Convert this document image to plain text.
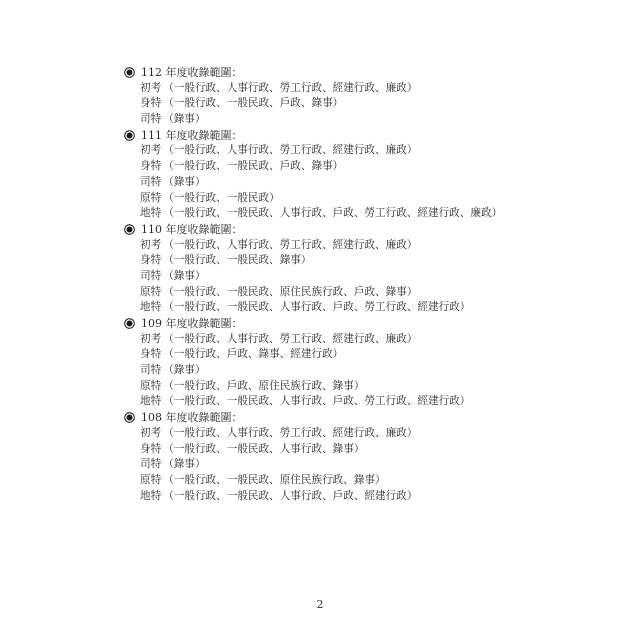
112 年度收錄範圍：
初考 （一般行政、人事行政、勞工行政、經建行政、廉政）
身特 （一般行政、一般民政、戶政、錄事）
司特 （錄事）
111 年度收錄範圍：
初考 （一般行政、人事行政、勞工行政、經建行政、廉政）
身特 （一般行政、一般民政、戶政、錄事）
司特 （錄事）
原特 （一般行政、一般民政）
地特 （一般行政、一般民政、人事行政、戶政、勞工行政、經建行政、廉政）
110 年度收錄範圍：
初考 （一般行政、人事行政、勞工行政、經建行政、廉政）
身特 （一般行政、一般民政、錄事）
司特 （錄事）
原特 （一般行政、一般民政、原住民族行政、戶政、錄事）
地特 （一般行政、一般民政、人事行政、戶政、勞工行政、經建行政）
109 年度收錄範圍：
初考 （一般行政、人事行政、勞工行政、經建行政、廉政）
身特 （一般行政、戶政、錄事、經建行政）
司特 （錄事）
原特 （一般行政、戶政、原住民族行政、錄事）
地特 （一般行政、一般民政、人事行政、戶政、勞工行政、經建行政）
108 年度收錄範圍：
初考 （一般行政、人事行政、勞工行政、經建行政、廉政）
身特 （一般行政、一般民政、人事行政、錄事）
司特 （錄事）
原特 （一般行政、一般民政、原住民族行政、錄事）
地特 （一般行政、一般民政、人事行政、戶政、經建行政）
2
